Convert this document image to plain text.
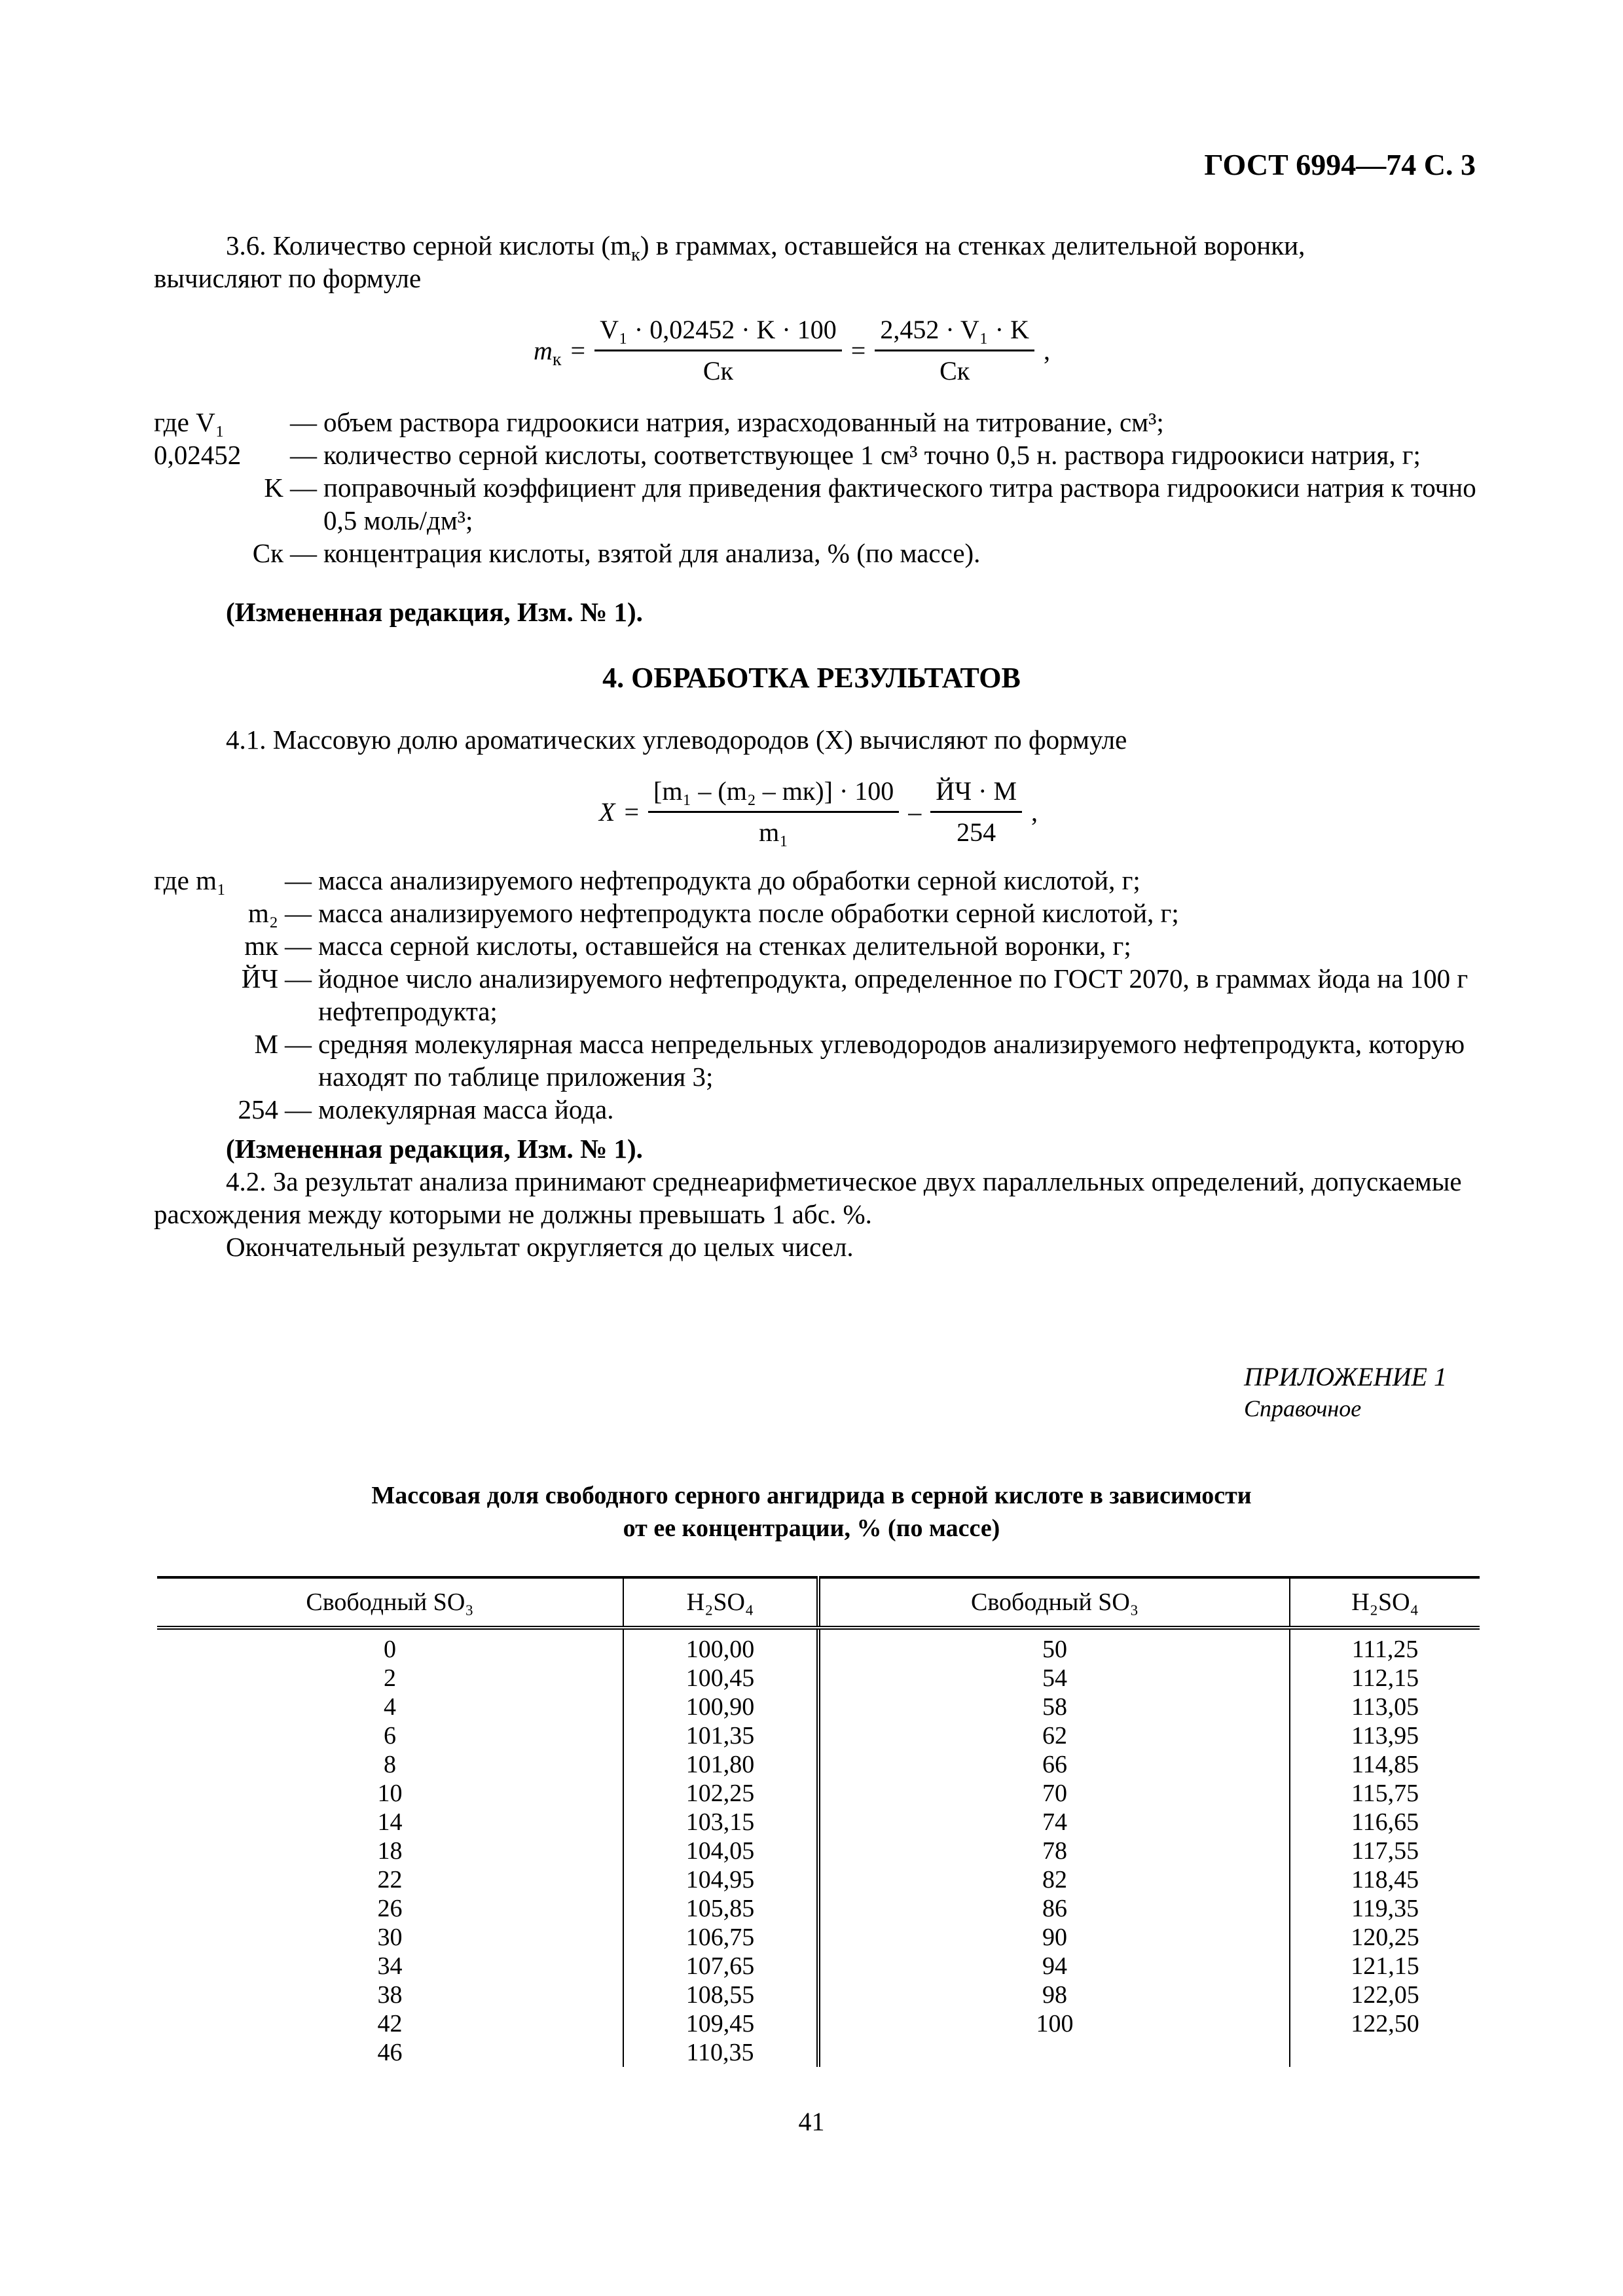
ГОСТ 6994—74 С. 3
3.6. Количество серной кислоты $(m_к)$ в граммах, оставшейся на стенках делительной воронки,
вычисляют по формуле
$m_к = \frac{\text{V₁ · 0,02452 · K · 100}}{Cк} = \frac{\text{2,452 · V₁ · K}}{Cк}$ ,
где V₁	— объем раствора гидроокиси натрия, израсходованный на титрование, см³;
0,02452	— количество серной кислоты, соответствующее 1 см³ точно 0,5 н. раствора гидроокиси натрия, г;
K — поправочный коэффициент для приведения фактического титра раствора гидроокиси натрия к точно 0,5 моль/дм³;
Cк — концентрация кислоты, взятой для анализа, % (по массе).
(Измененная редакция, Изм. № 1).
4. ОБРАБОТКА РЕЗУЛЬТАТОВ
4.1. Массовую долю ароматических углеводородов (X) вычисляют по формуле
$X = \frac{\text{[m₁ – (m₂ – mк)] · 100}}{\text{m₁}} - \frac{ЙЧ \cdot M}{254}$ ,
где m₁	— масса анализируемого нефтепродукта до обработки серной кислотой, г;
m₂ — масса анализируемого нефтепродукта после обработки серной кислотой, г;
mк — масса серной кислоты, оставшейся на стенках делительной воронки, г;
ЙЧ — йодное число анализируемого нефтепродукта, определенное по ГОСТ 2070, в граммах йода на 100 г нефтепродукта;
M — средняя молекулярная масса непредельных углеводородов анализируемого нефтепродукта, которую находят по таблице приложения 3;
254 — молекулярная масса йода.
(Измененная редакция, Изм. № 1).
4.2. За результат анализа принимают среднеарифметическое двух параллельных определений, допускаемые расхождения между которыми не должны превышать 1 абс. %.
Окончательный результат округляется до целых чисел.
ПРИЛОЖЕНИЕ 1
Справочное
Массовая доля свободного серного ангидрида в серной кислоте в зависимости
от ее концентрации, % (по массе)
Свободный SO₃	H₂SO₄	Свободный SO₃	H₂SO₄
0	100,00	50	111,25
2	100,45	54	112,15
4	100,90	58	113,05
6	101,35	62	113,95
8	101,80	66	114,85
10	102,25	70	115,75
14	103,15	74	116,65
18	104,05	78	117,55
22	104,95	82	118,45
26	105,85	86	119,35
30	106,75	90	120,25
34	107,65	94	121,15
38	108,55	98	122,05
42	109,45	100	122,50
46	110,35		
41
